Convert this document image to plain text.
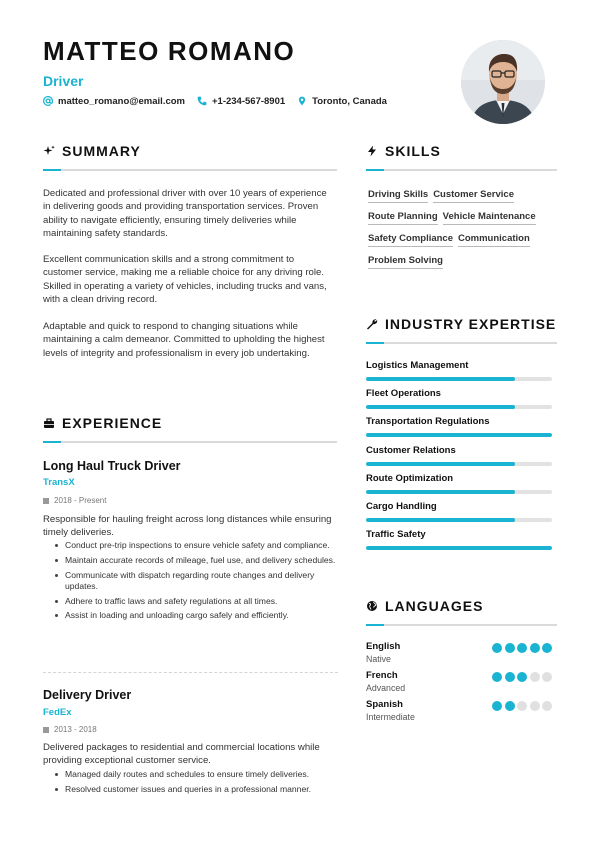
MATTEO ROMANO
Driver
matteo_romano@email.com	+1-234-567-8901	Toronto, Canada
SUMMARY

Dedicated and professional driver with over 10 years of experience in delivering goods and providing transportation services. Proven ability to navigate efficiently, ensuring timely deliveries while maintaining safety standards.

Excellent communication skills and a strong commitment to customer service, making me a reliable choice for any driving role. Skilled in operating a variety of vehicles, including trucks and vans, with a clean driving record.

Adaptable and quick to respond to changing situations while maintaining a calm demeanor. Committed to upholding the highest levels of integrity and professionalism in every job undertaking.

EXPERIENCE
Long Haul Truck Driver
TransX
2018 - Present

Responsible for hauling freight across long distances while ensuring timely deliveries.

Conduct pre-trip inspections to ensure vehicle safety and compliance.
Maintain accurate records of mileage, fuel use, and delivery schedules.
Communicate with dispatch regarding route changes and delivery updates.
Adhere to traffic laws and safety regulations at all times.
Assist in loading and unloading cargo safely and efficiently.
Delivery Driver
FedEx
2013 - 2018

Delivered packages to residential and commercial locations while providing exceptional customer service.

Managed daily routes and schedules to ensure timely deliveries.
Resolved customer issues and queries in a professional manner.
SKILLS
Driving Skills Customer Service
Route Planning Vehicle Maintenance
Safety Compliance Communication
Problem Solving
INDUSTRY EXPERTISE
Logistics Management
Fleet Operations
Transportation Regulations
Customer Relations
Route Optimization
Cargo Handling
Traffic Safety
LANGUAGES
English
Native
French
Advanced
Spanish
Intermediate
